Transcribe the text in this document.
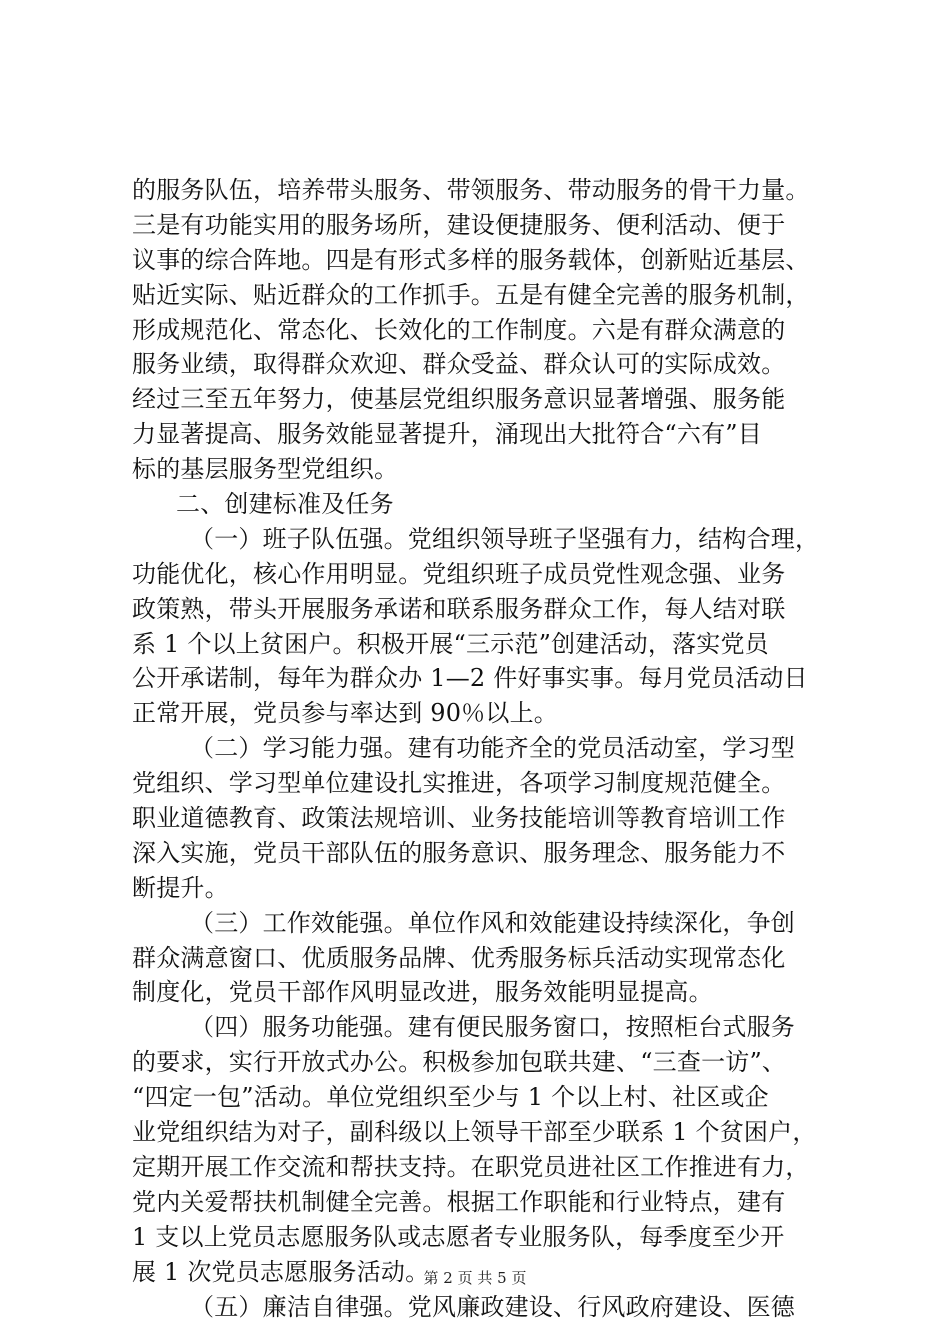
的服务队伍，培养带头服务、带领服务、带动服务的骨干力量。
三是有功能实用的服务场所，建设便捷服务、便利活动、便于
议事的综合阵地。四是有形式多样的服务载体，创新贴近基层、
贴近实际、贴近群众的工作抓手。五是有健全完善的服务机制，
形成规范化、常态化、长效化的工作制度。六是有群众满意的
服务业绩，取得群众欢迎、群众受益、群众认可的实际成效。
经过三至五年努力，使基层党组织服务意识显著增强、服务能
力显著提高、服务效能显著提升，涌现出大批符合“六有”目
标的基层服务型党组织。
二、创建标准及任务
（一）班子队伍强。党组织领导班子坚强有力，结构合理，
功能优化，核心作用明显。党组织班子成员党性观念强、业务
政策熟，带头开展服务承诺和联系服务群众工作，每人结对联
系 1 个以上贫困户。积极开展“三示范”创建活动，落实党员
公开承诺制，每年为群众办 1—2 件好事实事。每月党员活动日
正常开展，党员参与率达到 90％以上。
（二）学习能力强。建有功能齐全的党员活动室，学习型
党组织、学习型单位建设扎实推进，各项学习制度规范健全。
职业道德教育、政策法规培训、业务技能培训等教育培训工作
深入实施，党员干部队伍的服务意识、服务理念、服务能力不
断提升。
（三）工作效能强。单位作风和效能建设持续深化，争创
群众满意窗口、优质服务品牌、优秀服务标兵活动实现常态化
制度化，党员干部作风明显改进，服务效能明显提高。
（四）服务功能强。建有便民服务窗口，按照柜台式服务
的要求，实行开放式办公。积极参加包联共建、“三查一访”、
“四定一包”活动。单位党组织至少与 1 个以上村、社区或企
业党组织结为对子，副科级以上领导干部至少联系 1 个贫困户，
定期开展工作交流和帮扶支持。在职党员进社区工作推进有力，
党内关爱帮扶机制健全完善。根据工作职能和行业特点，建有
1 支以上党员志愿服务队或志愿者专业服务队，每季度至少开
展 1 次党员志愿服务活动。
（五）廉洁自律强。党风廉政建设、行风政府建设、医德
第 2 页 共 5 页
